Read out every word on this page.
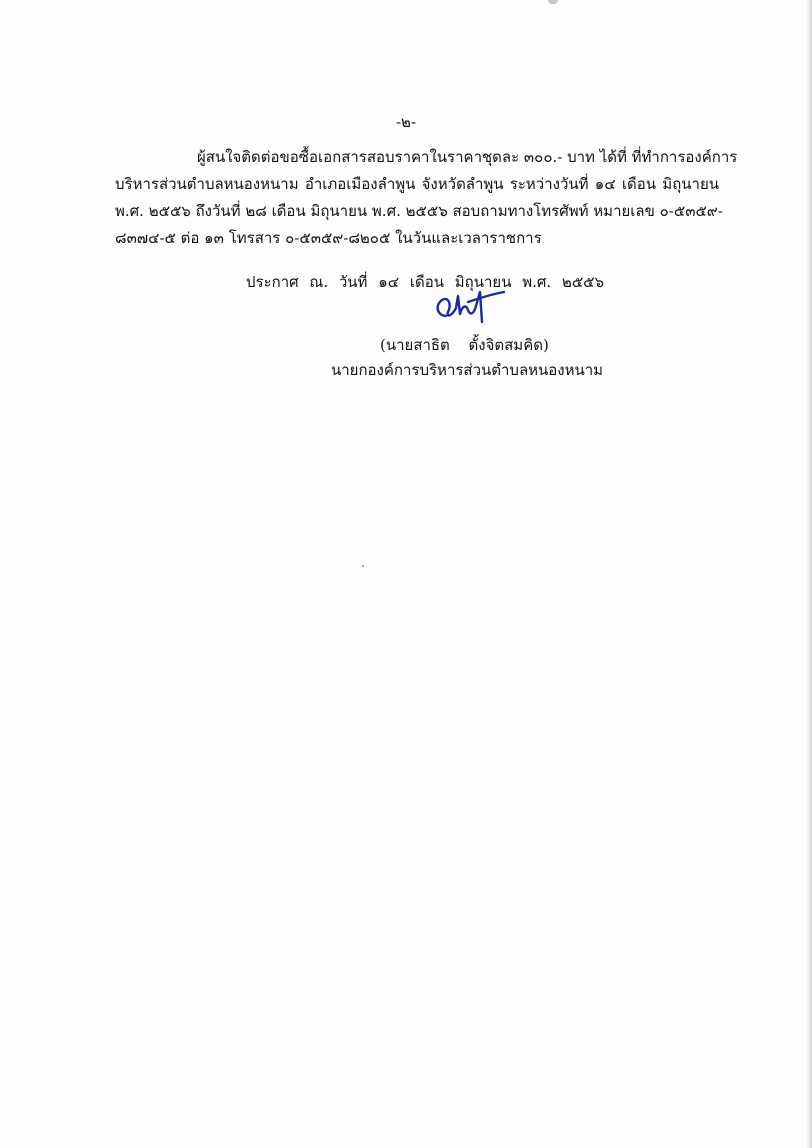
-๒-
ผู้สนใจติดต่อขอซื้อเอกสารสอบราคาในราคาชุดละ ๓๐๐.- บาท ได้ที่ ที่ทำการองค์การ
บริหารส่วนตำบลหนองหนาม อำเภอเมืองลำพูน จังหวัดลำพูน ระหว่างวันที่ ๑๔ เดือน มิถุนายน
พ.ศ. ๒๕๕๖ ถึงวันที่ ๒๘ เดือน มิถุนายน พ.ศ. ๒๕๕๖ สอบถามทางโทรศัพท์ หมายเลข ๐-๕๓๕๙-
๘๓๗๔-๕ ต่อ ๑๓ โทรสาร ๐-๕๓๕๙-๘๒๐๕ ในวันและเวลาราชการ
ประกาศ ณ. วันที่ ๑๔ เดือน มิถุนายน พ.ศ. ๒๕๕๖
(นายสาธิต ตั้งจิตสมคิด)
นายกองค์การบริหารส่วนตำบลหนองหนาม
